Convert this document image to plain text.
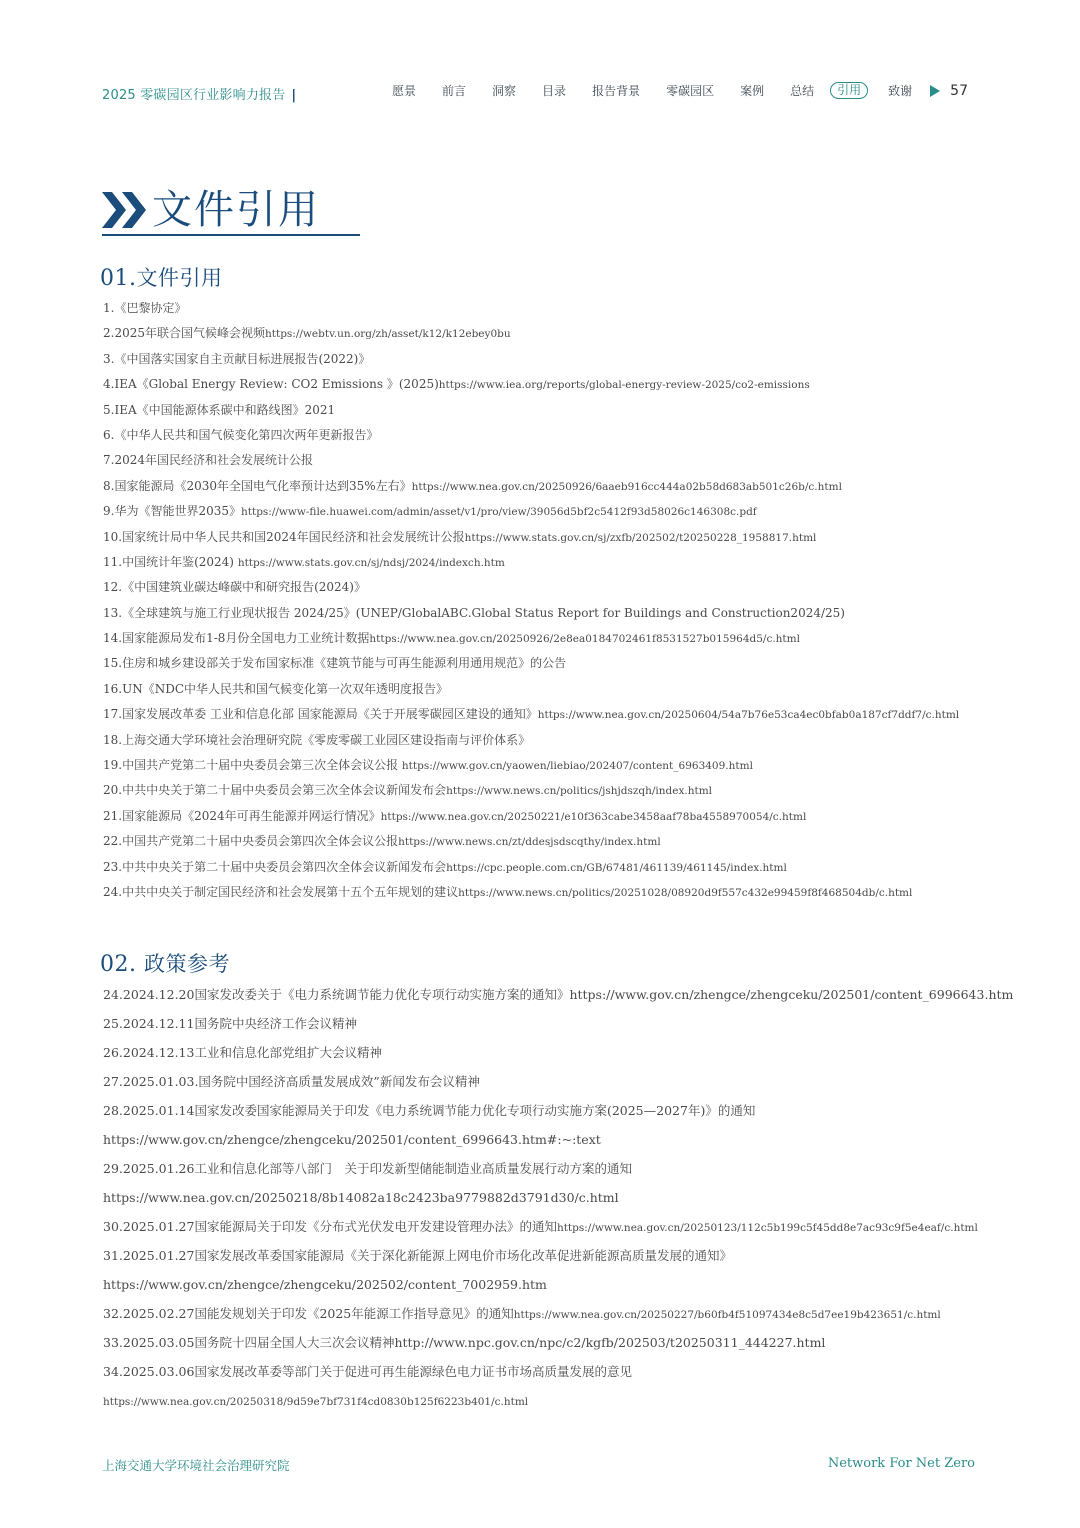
2025 零碳园区行业影响力报告 |	愿景 前言 洞察 目录 报告背景 零碳园区 案例 总结	引用	致谢	57
文件引用
01.文件引用
1.《巴黎协定》
2.2025年联合国气候峰会视频https://webtv.un.org/zh/asset/k12/k12ebey0bu
3.《中国落实国家自主贡献目标进展报告(2022)》
4.IEA《Global Energy Review: CO2 Emissions 》(2025)https://www.iea.org/reports/global-energy-review-2025/co2-emissions
5.IEA《中国能源体系碳中和路线图》2021
6.《中华人民共和国气候变化第四次两年更新报告》
7.2024年国民经济和社会发展统计公报
8.国家能源局《2030年全国电气化率预计达到35%左右》https://www.nea.gov.cn/20250926/6aaeb916cc444a02b58d683ab501c26b/c.html
9.华为《智能世界2035》https://www-file.huawei.com/admin/asset/v1/pro/view/39056d5bf2c5412f93d58026c146308c.pdf
10.国家统计局中华人民共和国2024年国民经济和社会发展统计公报https://www.stats.gov.cn/sj/zxfb/202502/t20250228_1958817.html
11.中国统计年鉴(2024) https://www.stats.gov.cn/sj/ndsj/2024/indexch.htm
12.《中国建筑业碳达峰碳中和研究报告(2024)》
13.《全球建筑与施工行业现状报告 2024/25》(UNEP/GlobalABC.Global Status Report for Buildings and Construction2024/25)
14.国家能源局发布1-8月份全国电力工业统计数据https://www.nea.gov.cn/20250926/2e8ea0184702461f8531527b015964d5/c.html
15.住房和城乡建设部关于发布国家标准《建筑节能与可再生能源利用通用规范》的公告
16.UN《NDC中华人民共和国气候变化第一次双年透明度报告》
17.国家发展改革委 工业和信息化部 国家能源局《关于开展零碳园区建设的通知》https://www.nea.gov.cn/20250604/54a7b76e53ca4ec0bfab0a187cf7ddf7/c.html
18.上海交通大学环境社会治理研究院《零废零碳工业园区建设指南与评价体系》
19.中国共产党第二十届中央委员会第三次全体会议公报 https://www.gov.cn/yaowen/liebiao/202407/content_6963409.html
20.中共中央关于第二十届中央委员会第三次全体会议新闻发布会https://www.news.cn/politics/jshjdszqh/index.html
21.国家能源局《2024年可再生能源并网运行情况》https://www.nea.gov.cn/20250221/e10f363cabe3458aaf78ba4558970054/c.html
22.中国共产党第二十届中央委员会第四次全体会议公报https://www.news.cn/zt/ddesjsdscqthy/index.html
23.中共中央关于第二十届中央委员会第四次全体会议新闻发布会https://cpc.people.com.cn/GB/67481/461139/461145/index.html
24.中共中央关于制定国民经济和社会发展第十五个五年规划的建议https://www.news.cn/politics/20251028/08920d9f557c432e99459f8f468504db/c.html
02. 政策参考
24.2024.12.20国家发改委关于《电力系统调节能力优化专项行动实施方案的通知》https://www.gov.cn/zhengce/zhengceku/202501/content_6996643.htm
25.2024.12.11国务院中央经济工作会议精神
26.2024.12.13工业和信息化部党组扩大会议精神
27.2025.01.03.国务院中国经济高质量发展成效”新闻发布会议精神
28.2025.01.14国家发改委国家能源局关于印发《电力系统调节能力优化专项行动实施方案(2025—2027年)》的通知
https://www.gov.cn/zhengce/zhengceku/202501/content_6996643.htm#:~:text
29.2025.01.26工业和信息化部等八部门　关于印发新型储能制造业高质量发展行动方案的通知
https://www.nea.gov.cn/20250218/8b14082a18c2423ba9779882d3791d30/c.html
30.2025.01.27国家能源局关于印发《分布式光伏发电开发建设管理办法》的通知https://www.nea.gov.cn/20250123/112c5b199c5f45dd8e7ac93c9f5e4eaf/c.html
31.2025.01.27国家发展改革委国家能源局《关于深化新能源上网电价市场化改革促进新能源高质量发展的通知》
https://www.gov.cn/zhengce/zhengceku/202502/content_7002959.htm
32.2025.02.27国能发规划关于印发《2025年能源工作指导意见》的通知https://www.nea.gov.cn/20250227/b60fb4f51097434e8c5d7ee19b423651/c.html
33.2025.03.05国务院十四届全国人大三次会议精神http://www.npc.gov.cn/npc/c2/kgfb/202503/t20250311_444227.html
34.2025.03.06国家发展改革委等部门关于促进可再生能源绿色电力证书市场高质量发展的意见
https://www.nea.gov.cn/20250318/9d59e7bf731f4cd0830b125f6223b401/c.html
上海交通大学环境社会治理研究院	Network For Net Zero
